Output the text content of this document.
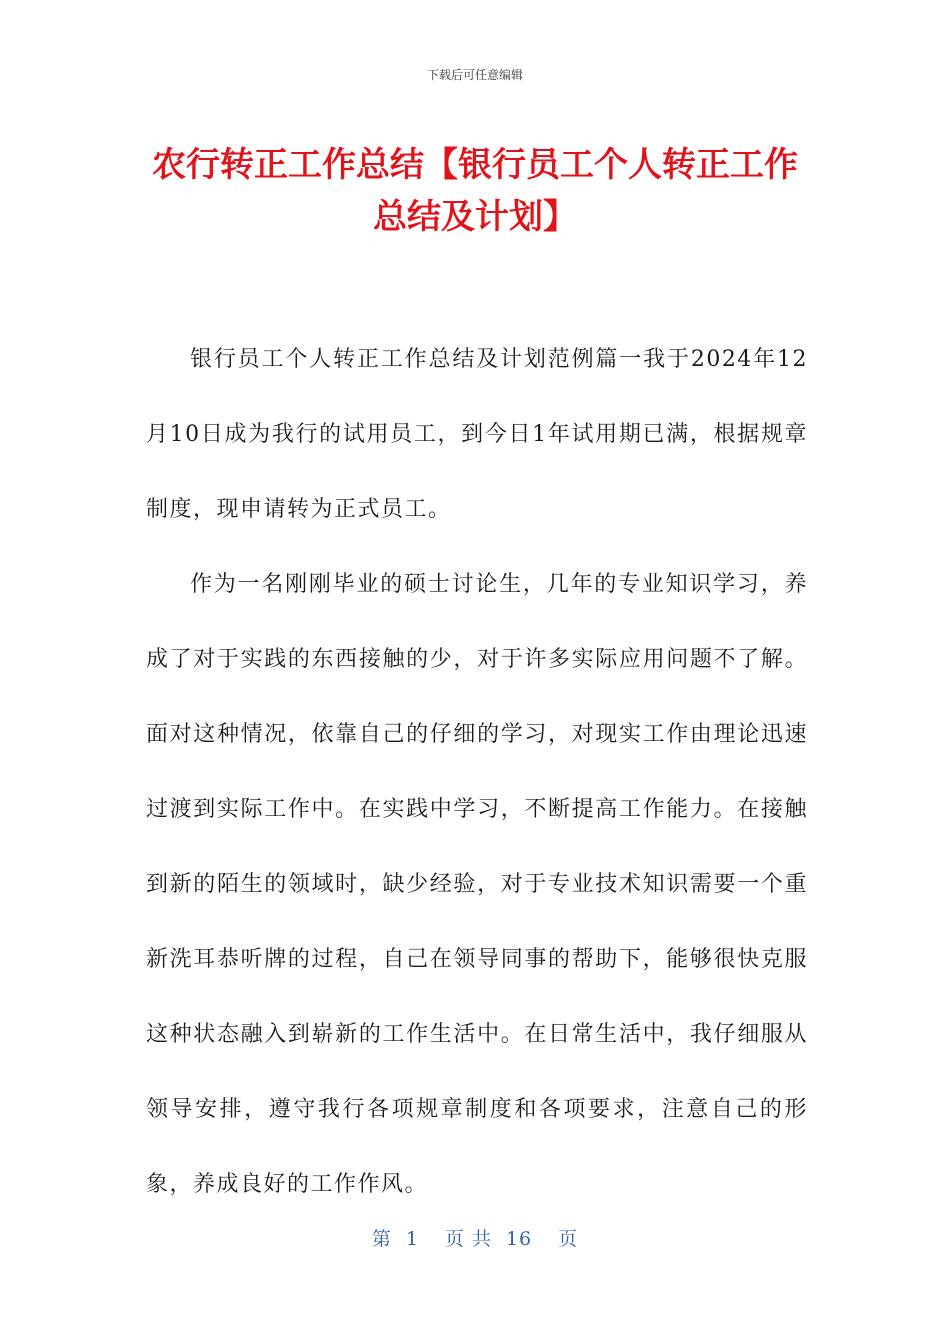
下载后可任意编辑
农行转正工作总结【银行员工个人转正工作总结及计划】

银行员工个人转正工作总结及计划范例篇一我于2024年12月10日成为我行的试用员工，到今日1年试用期已满，根据规章制度，现申请转为正式员工。

作为一名刚刚毕业的硕士讨论生，几年的专业知识学习，养成了对于实践的东西接触的少，对于许多实际应用问题不了解。面对这种情况，依靠自己的仔细的学习，对现实工作由理论迅速过渡到实际工作中。在实践中学习，不断提高工作能力。在接触到新的陌生的领域时，缺少经验，对于专业技术知识需要一个重新洗耳恭听牌的过程，自己在领导同事的帮助下，能够很快克服这种状态融入到崭新的工作生活中。在日常生活中，我仔细服从领导安排，遵守我行各项规章制度和各项要求，注意自己的形象，养成良好的工作作风。

第 1 页 共 16 页
